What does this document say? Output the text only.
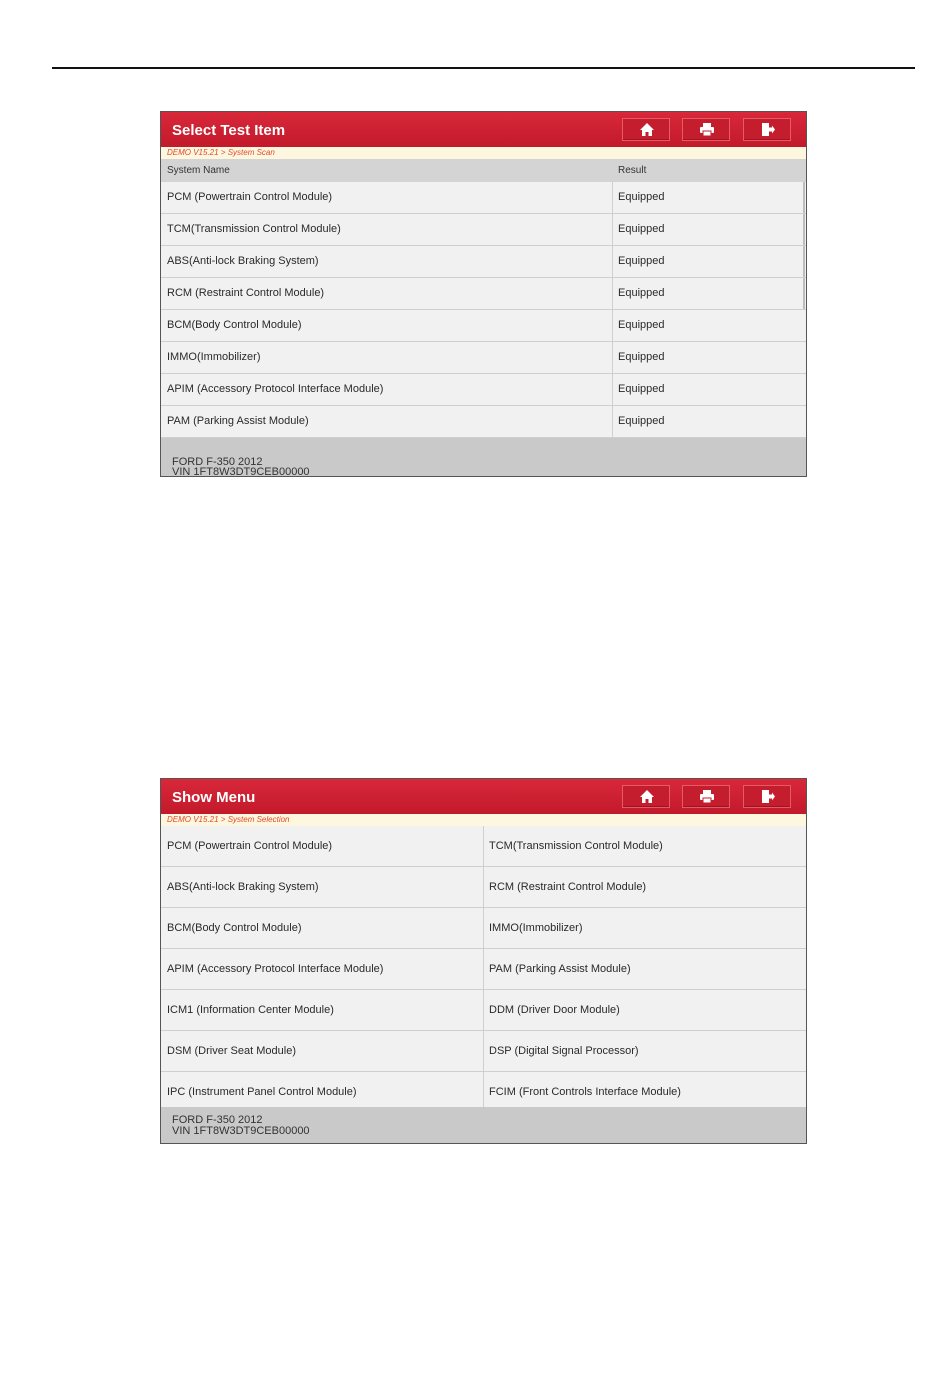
Select Test Item
DEMO V15.21 > System Scan
System Name	Result
PCM (Powertrain Control Module)	Equipped
TCM(Transmission Control Module)	Equipped
ABS(Anti-lock Braking System)	Equipped
RCM (Restraint Control Module)	Equipped
BCM(Body Control Module)	Equipped
IMMO(Immobilizer)	Equipped
APIM (Accessory Protocol Interface Module)	Equipped
PAM (Parking Assist Module)	Equipped
FORD F-350 2012
VIN 1FT8W3DT9CEB00000
Show Menu
DEMO V15.21 > System Selection
PCM (Powertrain Control Module)	TCM(Transmission Control Module)
ABS(Anti-lock Braking System)	RCM (Restraint Control Module)
BCM(Body Control Module)	IMMO(Immobilizer)
APIM (Accessory Protocol Interface Module)	PAM (Parking Assist Module)
ICM1 (Information Center Module)	DDM (Driver Door Module)
DSM (Driver Seat Module)	DSP (Digital Signal Processor)
IPC (Instrument Panel Control Module)	FCIM (Front Controls Interface Module)
FORD F-350 2012
VIN 1FT8W3DT9CEB00000
